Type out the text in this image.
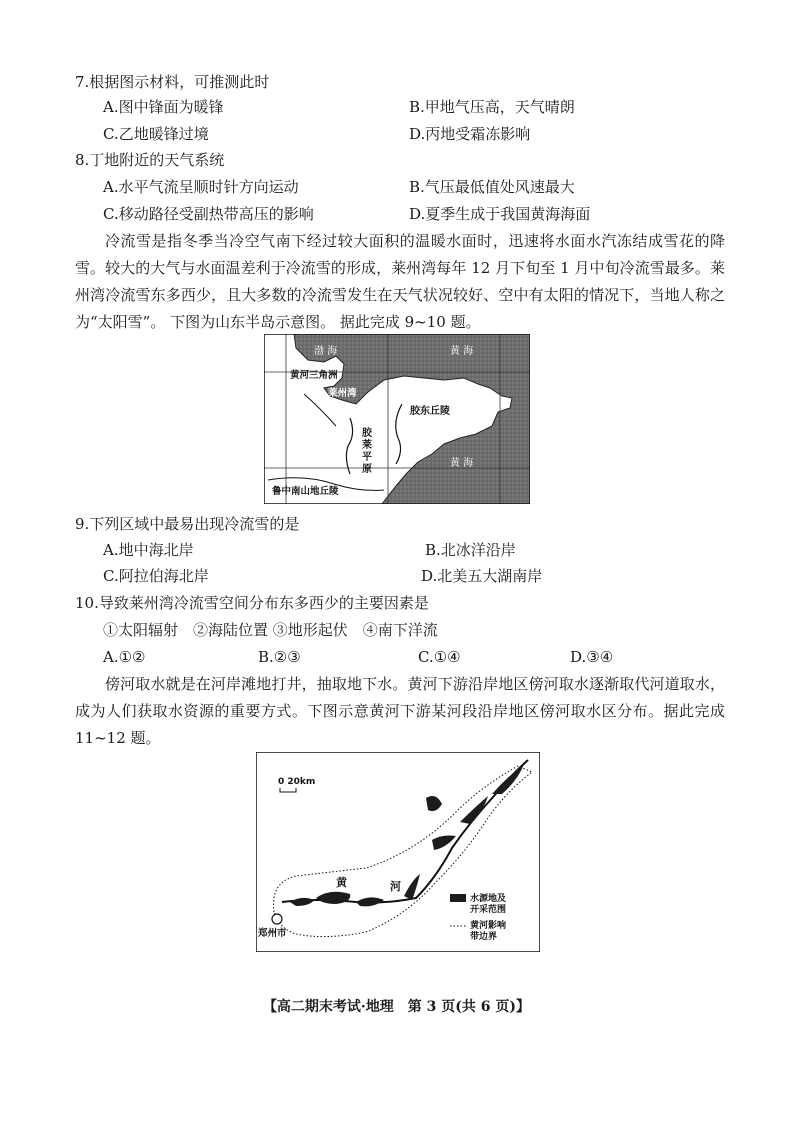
7.根据图示材料，可推测此时
A.图中锋面为暖锋	B.甲地气压高，天气晴朗
C.乙地暖锋过境	D.丙地受霜冻影响
8.丁地附近的天气系统
A.水平气流呈顺时针方向运动	B.气压最低值处风速最大
C.移动路径受副热带高压的影响	D.夏季生成于我国黄海海面

冷流雪是指冬季当冷空气南下经过较大面积的温暖水面时，迅速将水面水汽冻结成雪花的降雪。较大的大气与水面温差利于冷流雪的形成，莱州湾每年 12 月下旬至 1 月中旬冷流雪最多。莱州湾冷流雪东多西少，且大多数的冷流雪发生在天气状况较好、空中有太阳的情况下，当地人称之为“太阳雪”。 下图为山东半岛示意图。 据此完成 9~10 题。

渤 海	黄 海
黄河三角洲
莱州湾
胶东丘陵
胶
莱
平
原
黄 海
鲁中南山地丘陵
9.下列区域中最易出现冷流雪的是
A.地中海北岸	B.北冰洋沿岸
C.阿拉伯海北岸	D.北美五大湖南岸
10.导致莱州湾冷流雪空间分布东多西少的主要因素是
①太阳辐射　②海陆位置 ③地形起伏　④南下洋流
A.①②	B.②③	C.①④	D.③④

傍河取水就是在河岸滩地打井，抽取地下水。黄河下游沿岸地区傍河取水逐渐取代河道取水，成为人们获取水资源的重要方式。下图示意黄河下游某河段沿岸地区傍河取水区分布。据此完成 11~12 题。

0 20km
黄	河
郑州市
水源地及
开采范围
黄河影响
带边界
【高二期末考试·地理　第 3 页(共 6 页)】
